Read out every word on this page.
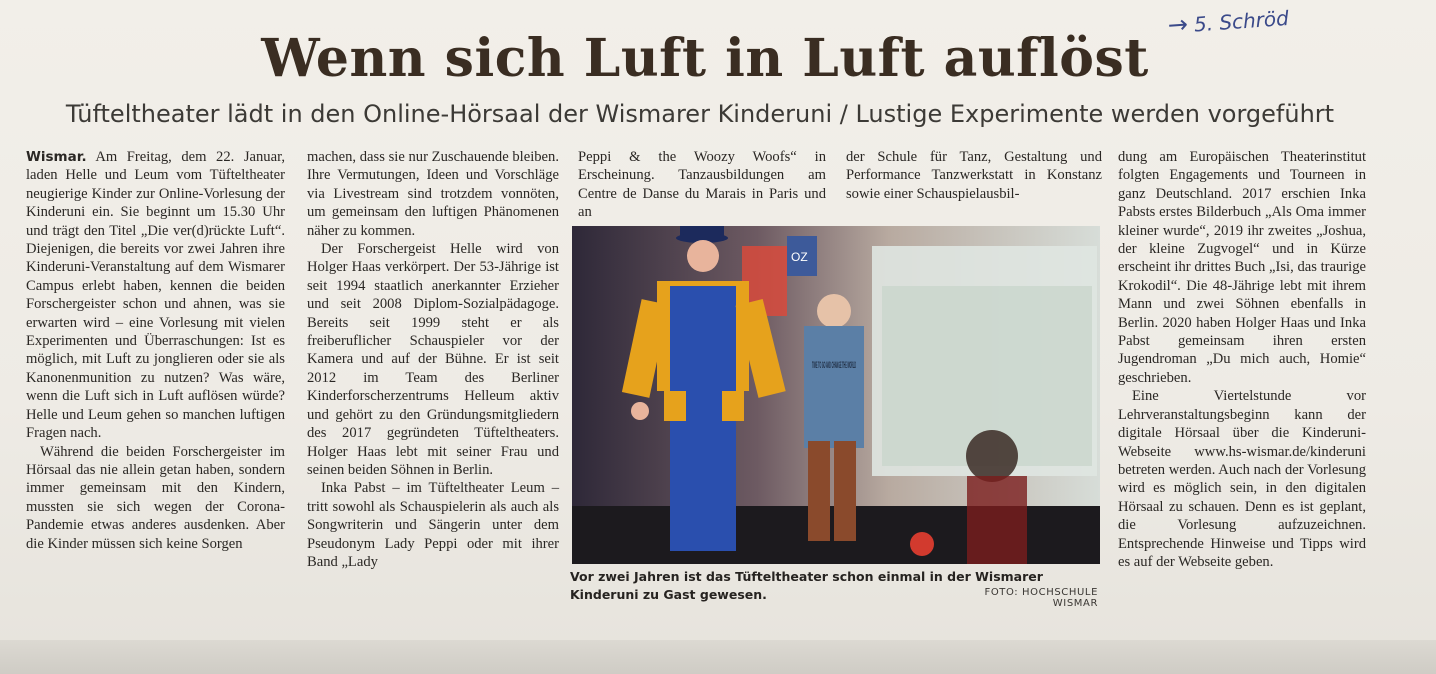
→ 5. Schröd
Wenn sich Luft in Luft auflöst
Tüfteltheater lädt in den Online-Hörsaal der Wismarer Kinderuni / Lustige Experimente werden vorgeführt

Wismar. Am Freitag, dem 22. Januar, laden Helle und Leum vom Tüfteltheater neugierige Kinder zur Online-Vorlesung der Kinderuni ein. Sie beginnt um 15.30 Uhr und trägt den Titel „Die ver(d)rückte Luft“. Diejenigen, die bereits vor zwei Jahren ihre Kinderuni-Veranstaltung auf dem Wismarer Campus erlebt haben, kennen die beiden Forschergeister schon und ahnen, was sie erwarten wird – eine Vorlesung mit vielen Experimenten und Überraschungen: Ist es möglich, mit Luft zu jonglieren oder sie als Kanonenmunition zu nutzen? Was wäre, wenn die Luft sich in Luft auflösen würde? Helle und Leum gehen so manchen luftigen Fragen nach.

Während die beiden Forschergeister im Hörsaal das nie allein getan haben, sondern immer gemeinsam mit den Kindern, mussten sie sich wegen der Corona-Pandemie etwas anderes ausdenken. Aber die Kinder müssen sich keine Sorgen

machen, dass sie nur Zuschauende bleiben. Ihre Vermutungen, Ideen und Vorschläge via Livestream sind trotzdem vonnöten, um gemeinsam den luftigen Phänomenen näher zu kommen.

Der Forschergeist Helle wird von Holger Haas verkörpert. Der 53-Jährige ist seit 1994 staatlich anerkannter Erzieher und seit 2008 Diplom-Sozialpädagoge. Bereits seit 1999 steht er als freiberuflicher Schauspieler vor der Kamera und auf der Bühne. Er ist seit 2012 im Team des Berliner Kinderforscherzentrums Helleum aktiv und gehört zu den Gründungsmitgliedern des 2017 gegründeten Tüfteltheaters. Holger Haas lebt mit seiner Frau und seinen beiden Söhnen in Berlin.

Inka Pabst – im Tüfteltheater Leum – tritt sowohl als Schauspielerin als auch als Songwriterin und Sängerin unter dem Pseudonym Lady Peppi oder mit ihrer Band „Lady

Peppi & the Woozy Woofs“ in Erscheinung. Tanzausbildungen am Centre de Danse du Marais in Paris und an

der Schule für Tanz, Gestaltung und Performance Tanzwerkstatt in Konstanz sowie einer Schauspielausbil-

dung am Europäischen Theaterinstitut folgten Engagements und Tourneen in ganz Deutschland. 2017 erschien Inka Pabsts erstes Bilderbuch „Als Oma immer kleiner wurde“, 2019 ihr zweites „Joshua, der kleine Zugvogel“ und in Kürze erscheint ihr drittes Buch „Isi, das traurige Krokodil“. Die 48-Jährige lebt mit ihrem Mann und zwei Söhnen ebenfalls in Berlin. 2020 haben Holger Haas und Inka Pabst gemeinsam ihren ersten Jugendroman „Du mich auch, Homie“ geschrieben.

Eine Viertelstunde vor Lehrveranstaltungsbeginn kann der digitale Hörsaal über die Kinderuni-Webseite www.hs-wismar.de/kinderuni betreten werden. Auch nach der Vorlesung wird es möglich sein, in den digitalen Hörsaal zu schauen. Denn es ist geplant, die Vorlesung aufzuzeichnen. Entsprechende Hinweise und Tipps wird es auf der Webseite geben.

OZ
TIME TO GO AND CHANGE THE WORLD
Vor zwei Jahren ist das Tüfteltheater schon einmal in der Wismarer Kinderuni zu Gast gewesen.	FOTO: HOCHSCHULE WISMAR
